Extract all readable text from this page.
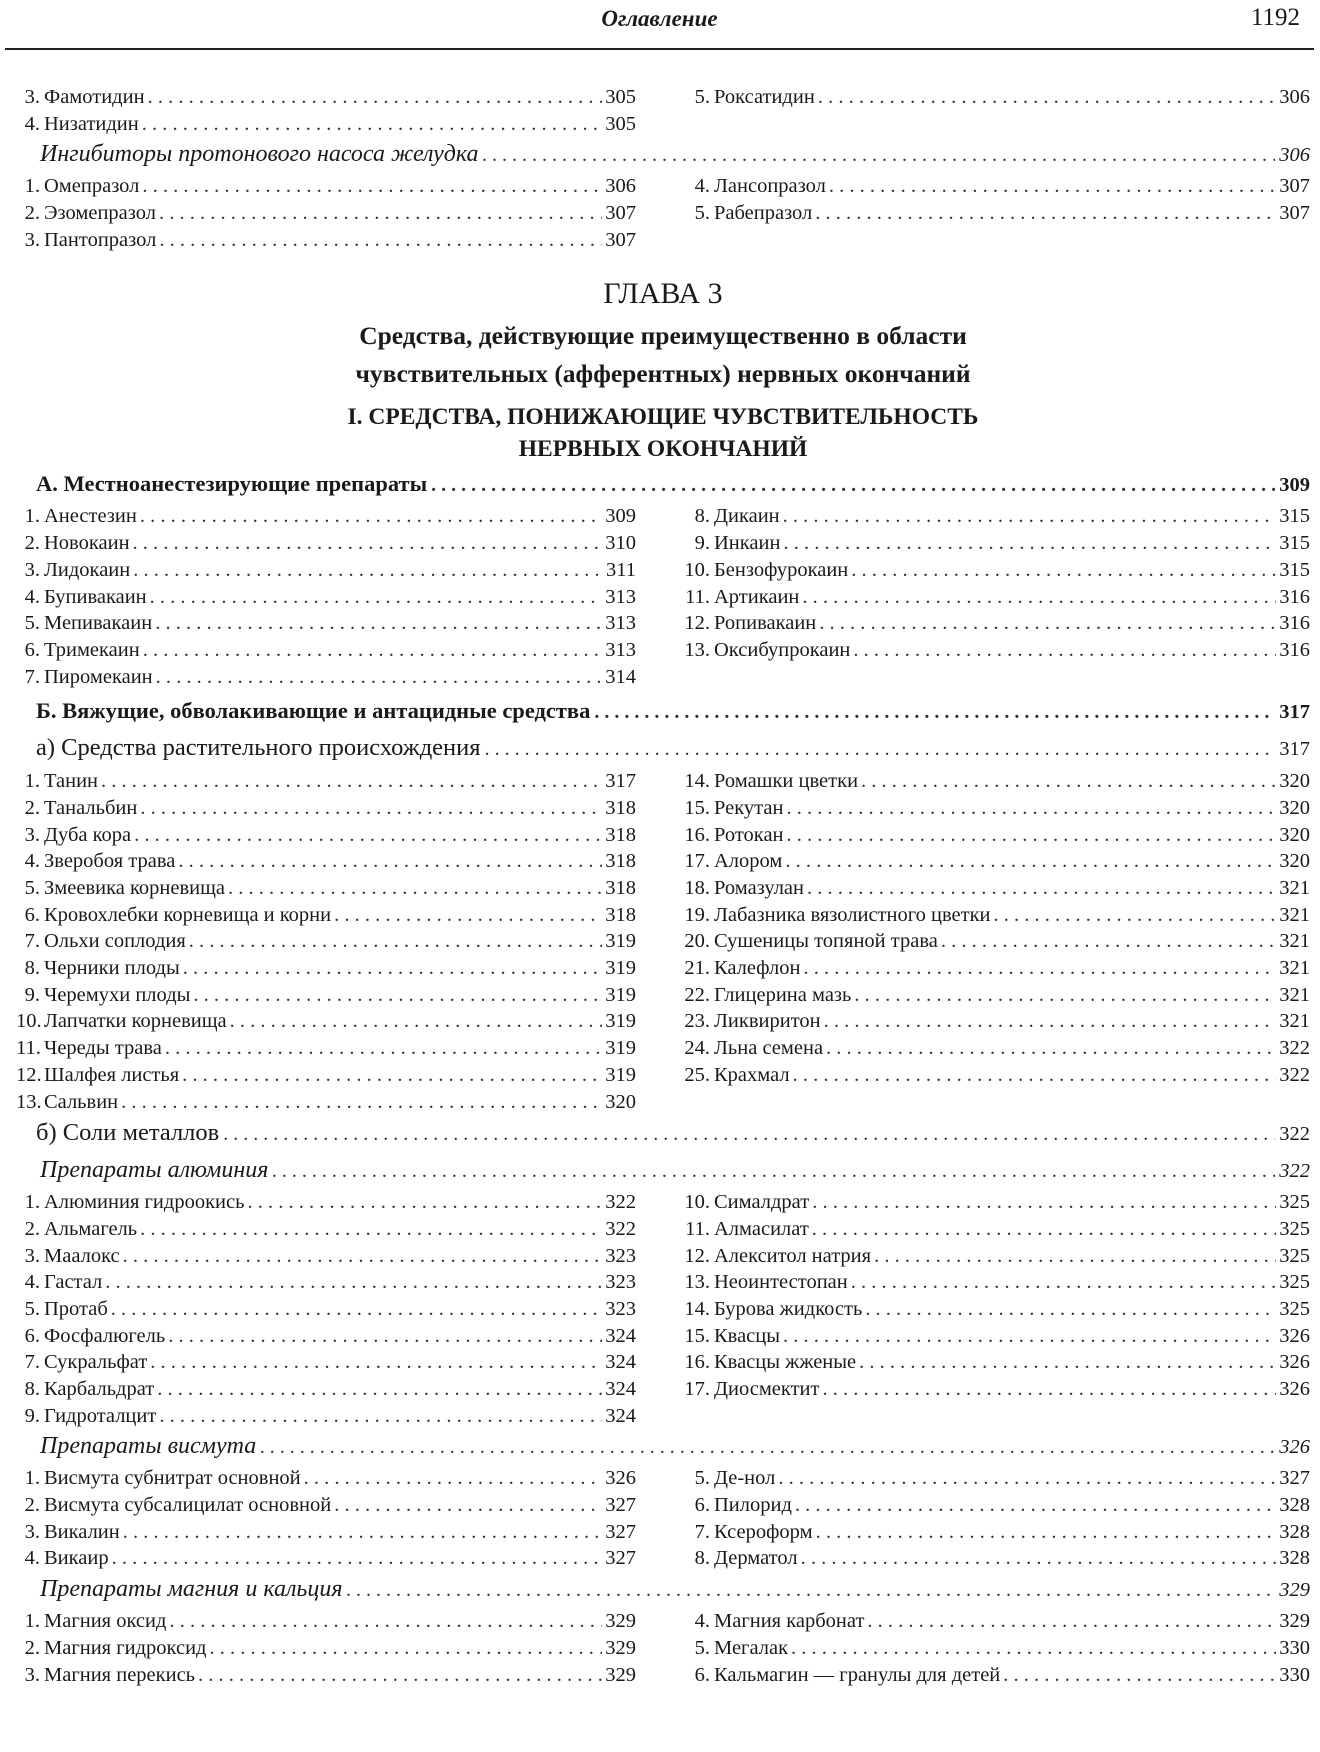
Оглавление	1192
3. Фамотидин . . .	305
4. Низатидин . . .	305
5. Роксатидин . . .	306
Ингибиторы протонового насоса желудка . . .	306
1. Омепразол . . .	306
2. Эзомепразол . . .	307
3. Пантопразол . . .	307
4. Лансопразол . . .	307
5. Рабепразол . . .	307
ГЛАВА 3
Средства, действующие преимущественно в области
чувствительных (афферентных) нервных окончаний
I. СРЕДСТВА, ПОНИЖАЮЩИЕ ЧУВСТВИТЕЛЬНОСТЬ
НЕРВНЫХ ОКОНЧАНИЙ
А. Местноанестезирующие препараты . . .	309
1. Анестезин . . .	309
2. Новокаин . . .	310
3. Лидокаин . . .	311
4. Бупивакаин . . .	313
5. Мепивакаин . . .	313
6. Тримекаин . . .	313
7. Пиромекаин . . .	314
8. Дикаин . . .	315
9. Инкаин . . .	315
10. Бензофурокаин . . .	315
11. Артикаин . . .	316
12. Ропивакаин . . .	316
13. Оксибупрокаин . . .	316
Б. Вяжущие, обволакивающие и антацидные средства . . .	317
а) Средства растительного происхождения . . .	317
1. Танин . . .	317
2. Танальбин . . .	318
3. Дуба кора . . .	318
4. Зверобоя трава . . .	318
5. Змеевика корневища . . .	318
6. Кровохлебки корневища и корни . . .	318
7. Ольхи соплодия . . .	319
8. Черники плоды . . .	319
9. Черемухи плоды . . .	319
10. Лапчатки корневища . . .	319
11. Череды трава . . .	319
12. Шалфея листья . . .	319
13. Сальвин . . .	320
14. Ромашки цветки . . .	320
15. Рекутан . . .	320
16. Ротокан . . .	320
17. Алором . . .	320
18. Ромазулан . . .	321
19. Лабазника вязолистного цветки . . .	321
20. Сушеницы топяной трава . . .	321
21. Калефлон . . .	321
22. Глицерина мазь . . .	321
23. Ликвиритон . . .	321
24. Льна семена . . .	322
25. Крахмал . . .	322
б) Соли металлов . . .	322
Препараты алюминия . . .	322
1. Алюминия гидроокись . . .	322
2. Альмагель . . .	322
3. Маалокс . . .	323
4. Гастал . . .	323
5. Протаб . . .	323
6. Фосфалюгель . . .	324
7. Сукральфат . . .	324
8. Карбальдрат . . .	324
9. Гидроталцит . . .	324
10. Сималдрат . . .	325
11. Алмасилат . . .	325
12. Алекситол натрия . . .	325
13. Неоинтестопан . . .	325
14. Бурова жидкость . . .	325
15. Квасцы . . .	326
16. Квасцы жженые . . .	326
17. Диосмектит . . .	326
Препараты висмута . . .	326
1. Висмута субнитрат основной . . .	326
2. Висмута субсалицилат основной . . .	327
3. Викалин . . .	327
4. Викаир . . .	327
5. Де-нол . . .	327
6. Пилорид . . .	328
7. Ксероформ . . .	328
8. Дерматол . . .	328
Препараты магния и кальция . . .	329
1. Магния оксид . . .	329
2. Магния гидроксид . . .	329
3. Магния перекись . . .	329
4. Магния карбонат . . .	329
5. Мегалак . . .	330
6. Кальмагин — гранулы для детей . . .	330
